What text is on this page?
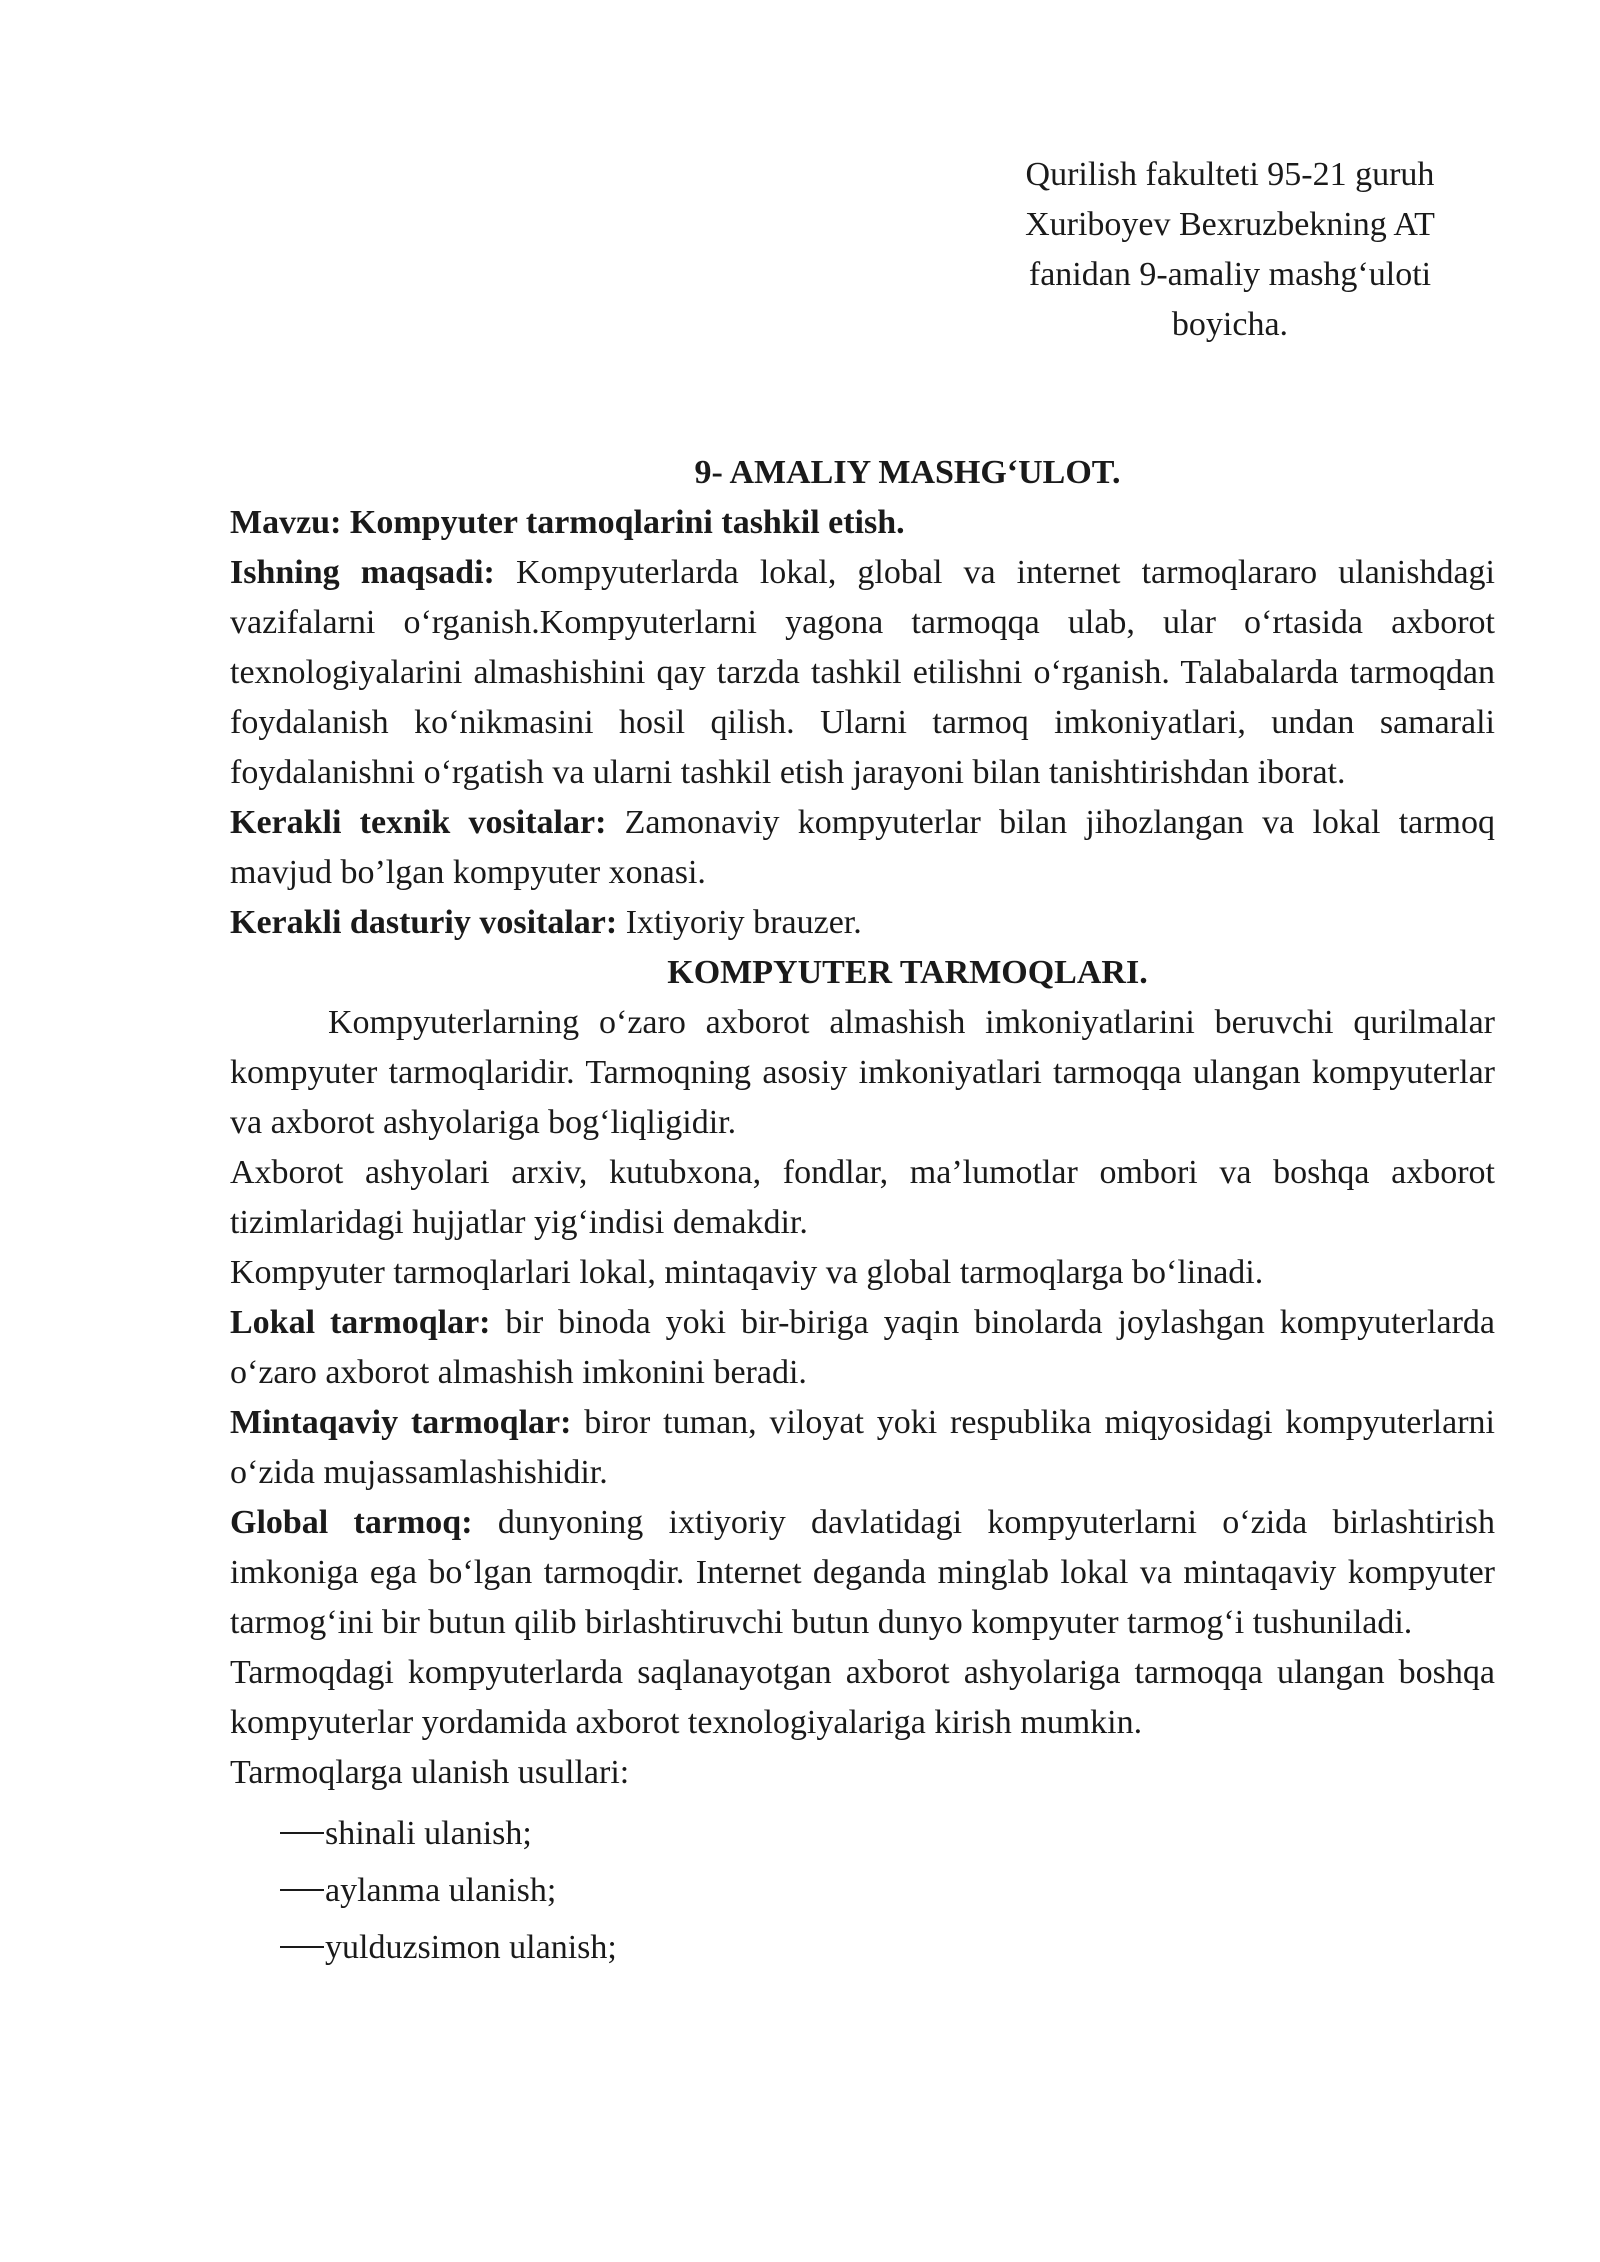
Qurilish fakulteti 95-21 guruh
Xuriboyev Bexruzbekning AT
fanidan 9-amaliy mashg‘uloti
boyicha.
9- AMALIY MASHG‘ULOT.

Mavzu: Kompyuter tarmoqlarini tashkil etish.

Ishning maqsadi: Kompyuterlarda lokal, global va internet tarmoqlararo ulanishdagi vazifalarni o‘rganish.Kompyuterlarni yagona tarmoqqa ulab, ular o‘rtasida axborot texnologiyalarini almashishini qay tarzda tashkil etilishni o‘rganish. Talabalarda tarmoqdan foydalanish ko‘nikmasini hosil qilish. Ularni tarmoq imkoniyatlari, undan samarali foydalanishni o‘rgatish va ularni tashkil etish jarayoni bilan tanishtirishdan iborat.

Kerakli texnik vositalar: Zamonaviy kompyuterlar bilan jihozlangan va lokal tarmoq mavjud bo’lgan kompyuter xonasi.

Kerakli dasturiy vositalar: Ixtiyoriy brauzer.

KOMPYUTER TARMOQLARI.

Kompyuterlarning o‘zaro axborot almashish imkoniyatlarini beruvchi qurilmalar kompyuter tarmoqlaridir. Tarmoqning asosiy imkoniyatlari tarmoqqa ulangan kompyuterlar va axborot ashyolariga bog‘liqligidir.

Axborot ashyolari arxiv, kutubxona, fondlar, ma’lumotlar ombori va boshqa axborot tizimlaridagi hujjatlar yig‘indisi demakdir.

Kompyuter tarmoqlarlari lokal, mintaqaviy va global tarmoqlarga bo‘linadi.

Lokal tarmoqlar: bir binoda yoki bir-biriga yaqin binolarda joylashgan kompyuterlarda o‘zaro axborot almashish imkonini beradi.

Mintaqaviy tarmoqlar: biror tuman, viloyat yoki respublika miqyosidagi kompyuterlarni o‘zida mujassamlashishidir.

Global tarmoq: dunyoning ixtiyoriy davlatidagi kompyuterlarni o‘zida birlashtirish imkoniga ega bo‘lgan tarmoqdir. Internet deganda minglab lokal va mintaqaviy kompyuter tarmog‘ini bir butun qilib birlashtiruvchi butun dunyo kompyuter tarmog‘i tushuniladi.

Tarmoqdagi kompyuterlarda saqlanayotgan axborot ashyolariga tarmoqqa ulangan boshqa kompyuterlar yordamida axborot texnologiyalariga kirish mumkin.

Tarmoqlarga ulanish usullari:

shinali ulanish;
aylanma ulanish;
yulduzsimon ulanish;
